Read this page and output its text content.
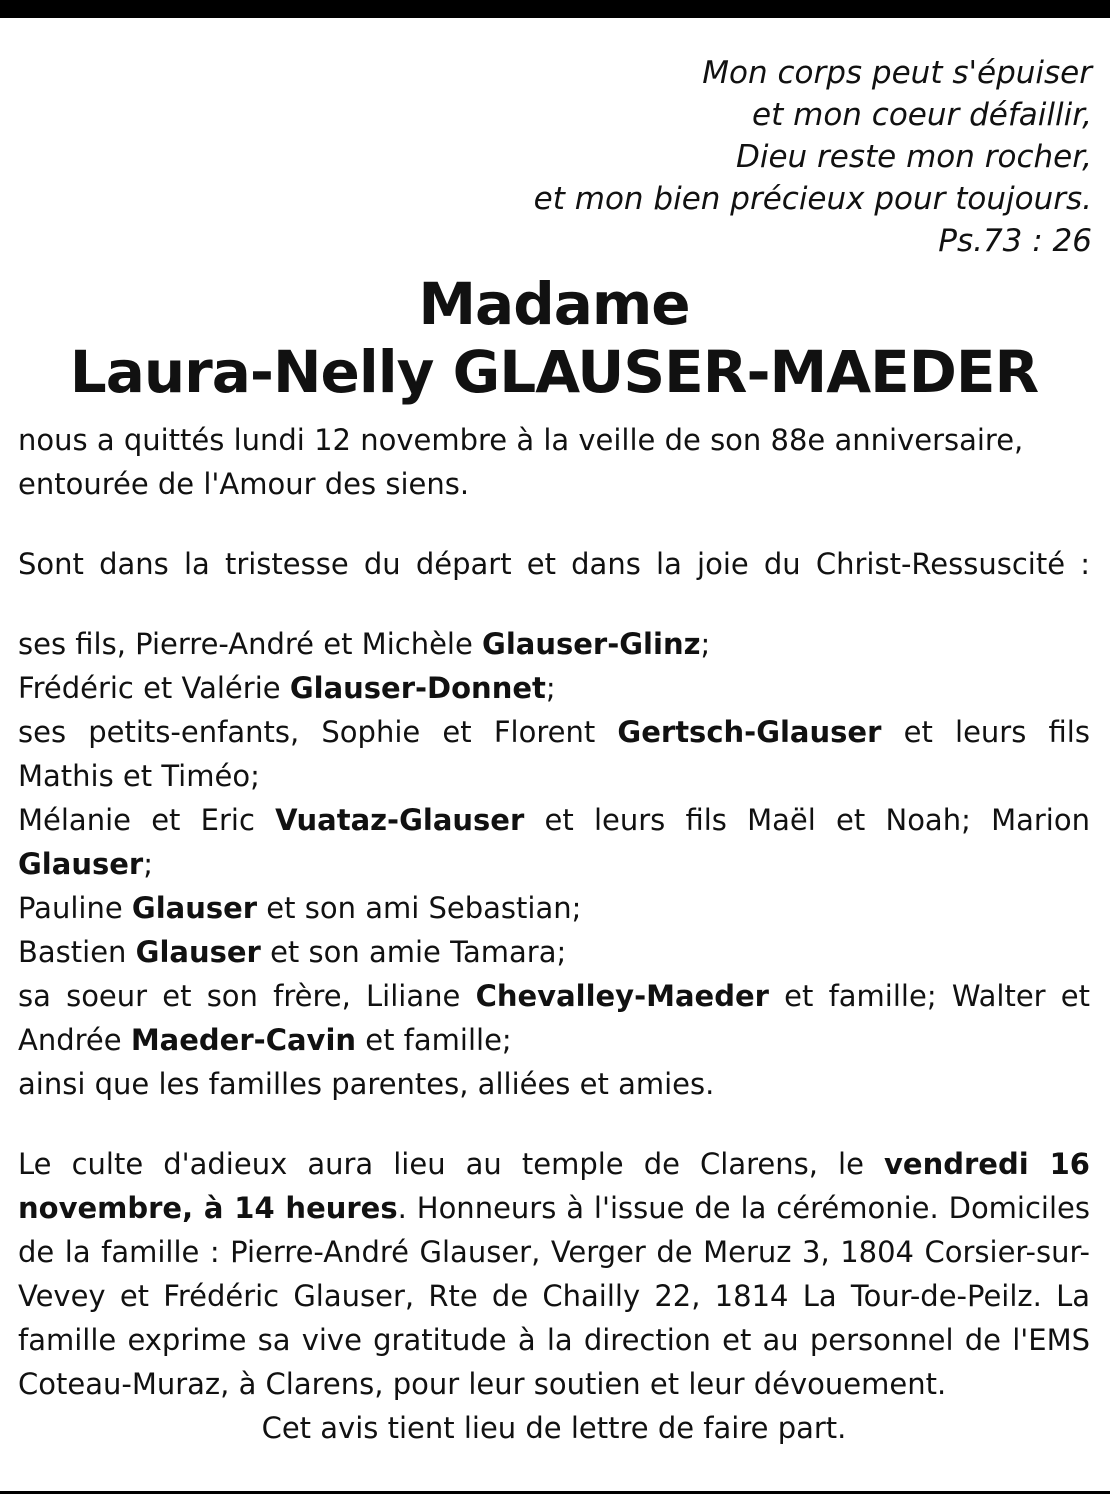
Mon corps peut s'épuiser
et mon coeur défaillir,
Dieu reste mon rocher,
et mon bien précieux pour toujours.
Ps.73 : 26
Madame
Laura-Nelly GLAUSER-MAEDER

nous a quittés lundi 12 novembre à la veille de son 88e anniversaire,

entourée de l'Amour des siens.

Sont dans la tristesse du départ et dans la joie du Christ-Ressuscité :

ses fils, Pierre-André et Michèle Glauser-Glinz;

Frédéric et Valérie Glauser-Donnet;

ses petits-enfants, Sophie et Florent Gertsch-Glauser et leurs fils Mathis et Timéo;

Mélanie et Eric Vuataz-Glauser et leurs fils Maël et Noah; Marion Glauser;

Pauline Glauser et son ami Sebastian;

Bastien Glauser et son amie Tamara;

sa soeur et son frère, Liliane Chevalley-Maeder et famille; Walter et Andrée Maeder-Cavin et famille;

ainsi que les familles parentes, alliées et amies.

Le culte d'adieux aura lieu au temple de Clarens, le vendredi 16 novembre, à 14 heures. Honneurs à l'issue de la cérémonie. Domiciles de la famille : Pierre-André Glauser, Verger de Meruz 3, 1804 Corsier-sur-Vevey et Frédéric Glauser, Rte de Chailly 22, 1814 La Tour-de-Peilz. La famille exprime sa vive gratitude à la direction et au personnel de l'EMS Coteau-Muraz, à Clarens, pour leur soutien et leur dévouement.

Cet avis tient lieu de lettre de faire part.
